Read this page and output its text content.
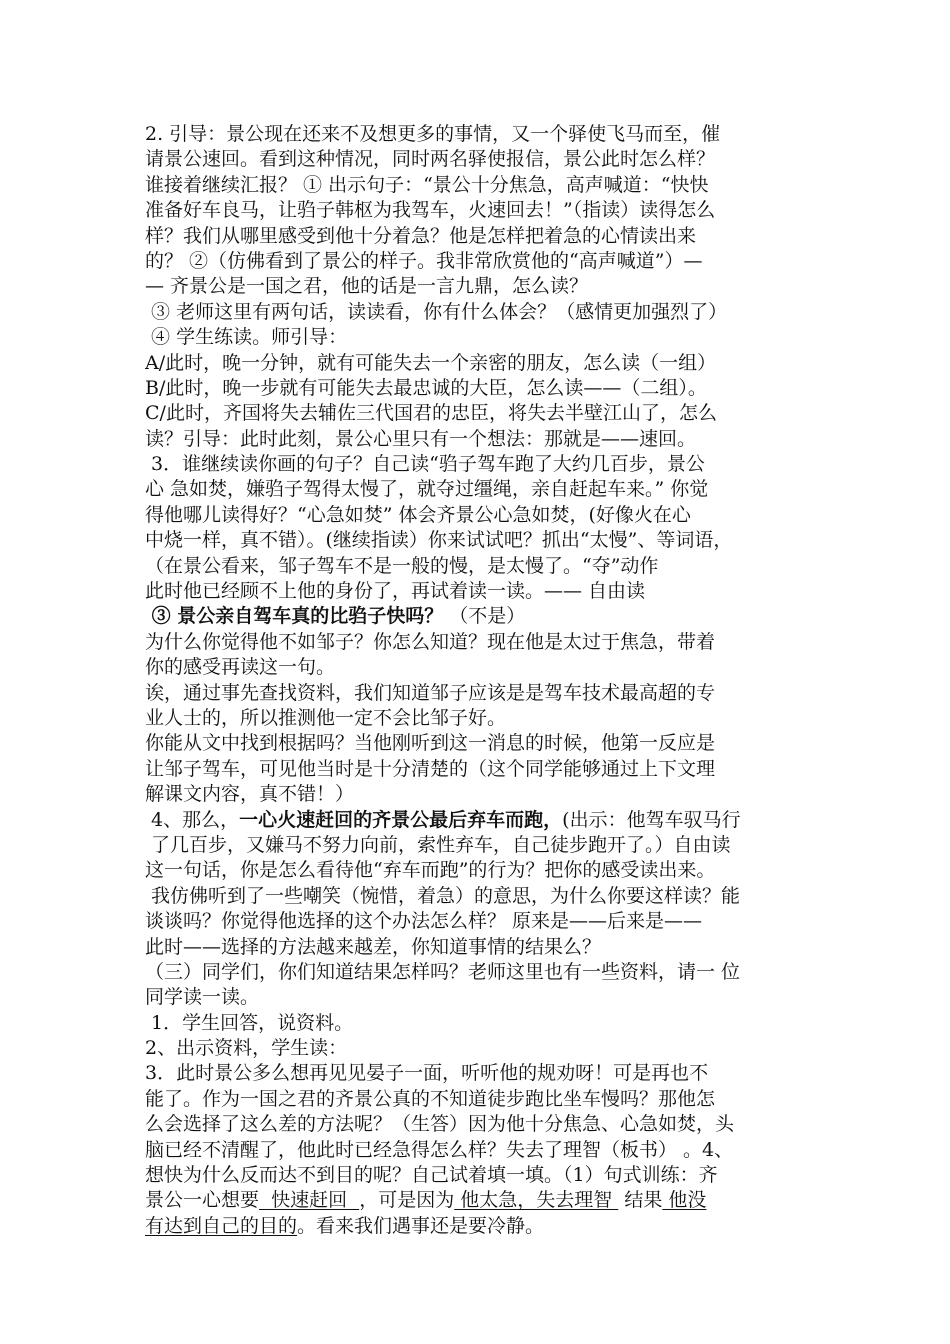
2. 引导：景公现在还来不及想更多的事情，又一个驿使飞马而至，催
请景公速回。看到这种情况，同时两名驿使报信，景公此时怎么样？
谁接着继续汇报？ ① 出示句子：“景公十分焦急，高声喊道：“快快
准备好车良马，让驺子韩枢为我驾车，火速回去！”（指读）读得怎么
样？我们从哪里感受到他十分着急？他是怎样把着急的心情读出来
的？ ②（仿佛看到了景公的样子。我非常欣赏他的“高声喊道”）—
— 齐景公是一国之君，他的话是一言九鼎，怎么读？
③ 老师这里有两句话，读读看，你有什么体会？（感情更加强烈了）
④ 学生练读。师引导：
A/此时，晚一分钟，就有可能失去一个亲密的朋友，怎么读（一组）
B/此时，晚一步就有可能失去最忠诚的大臣，怎么读——（二组）。
C/此时，齐国将失去辅佐三代国君的忠臣，将失去半壁江山了，怎么
读？引导：此时此刻，景公心里只有一个想法：那就是——速回。
3．谁继续读你画的句子？自己读“驺子驾车跑了大约几百步，景公
心 急如焚，嫌驺子驾得太慢了，就夺过缰绳，亲自赶起车来。” 你觉
得他哪儿读得好？“心急如焚” 体会齐景公心急如焚，(好像火在心
中烧一样，真不错）。(继续指读）你来试试吧？抓出“太慢”、等词语，
（在景公看来，邹子驾车不是一般的慢，是太慢了。“夺”动作
此时他已经顾不上他的身份了，再试着读一读。—— 自由读
③ 景公亲自驾车真的比驺子快吗？ （不是）
为什么你觉得他不如邹子？你怎么知道？现在他是太过于焦急，带着
你的感受再读这一句。
诶，通过事先查找资料，我们知道邹子应该是是驾车技术最高超的专
业人士的，所以推测他一定不会比邹子好。
你能从文中找到根据吗？当他刚听到这一消息的时候，他第一反应是
让邹子驾车，可见他当时是十分清楚的（这个同学能够通过上下文理
解课文内容，真不错！）
4、那么，一心火速赶回的齐景公最后弃车而跑，(出示：他驾车驭马行
了几百步，又嫌马不努力向前，索性弃车，自己徒步跑开了。）自由读
这一句话，你是怎么看待他“弃车而跑”的行为？把你的感受读出来。
我仿佛听到了一些嘲笑（惋惜，着急）的意思，为什么你要这样读？能
谈谈吗？你觉得他选择的这个办法怎么样？ 原来是——后来是——
此时——选择的方法越来越差，你知道事情的结果么？
（三）同学们，你们知道结果怎样吗？老师这里也有一些资料，请一 位
同学读一读。
1．学生回答，说资料。
2、出示资料，学生读：
3．此时景公多么想再见见晏子一面，听听他的规劝呀！可是再也不
能了。作为一国之君的齐景公真的不知道徒步跑比坐车慢吗？那他怎
么会选择了这么差的方法呢？（生答）因为他十分焦急、心急如焚，头
脑已经不清醒了，他此时已经急得怎么样？失去了理智（板书） 。4、
想快为什么反而达不到目的呢？自己试着填一填。（1）句式训练：齐
景公一心想要  快速赶回  ，可是因为 他太急，失去理智  结果 他没
有达到自己的目的。看来我们遇事还是要冷静。
